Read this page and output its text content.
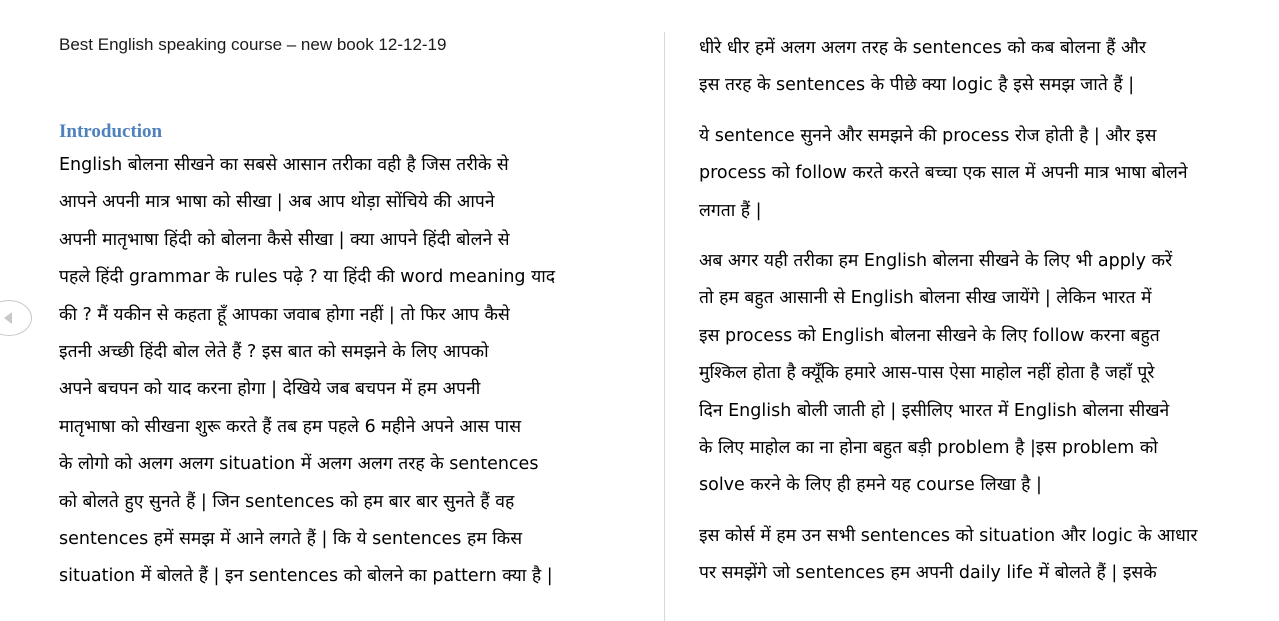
Best English speaking course – new book 12-12-19
Introduction
English बोलना सीखने का सबसे आसान तरीका वही है जिस तरीके से
आपने अपनी मात्र भाषा को सीखा | अब आप थोड़ा सोंचिये की आपने
अपनी मातृभाषा हिंदी को बोलना कैसे सीखा | क्या आपने हिंदी बोलने से
पहले हिंदी grammar के rules पढ़े ? या हिंदी की word meaning याद
की ? मैं यकीन से कहता हूँ आपका जवाब होगा नहीं | तो फिर आप कैसे
इतनी अच्छी हिंदी बोल लेते हैं ? इस बात को समझने के लिए आपको
अपने बचपन को याद करना होगा | देखिये जब बचपन में हम अपनी
मातृभाषा को सीखना शुरू करते हैं तब हम पहले 6 महीने अपने आस पास
के लोगो को अलग अलग situation में अलग अलग तरह के sentences
को बोलते हुए सुनते हैं | जिन sentences को हम बार बार सुनते हैं वह
sentences हमें समझ में आने लगते हैं | कि ये sentences हम किस
situation में बोलते हैं | इन sentences को बोलने का pattern क्या है |
धीरे धीर हमें अलग अलग तरह के sentences को कब बोलना हैं और
इस तरह के sentences के पीछे क्या logic है इसे समझ जाते हैं |
ये sentence सुनने और समझने की process रोज होती है | और इस
process को follow करते करते बच्चा एक साल में अपनी मात्र भाषा बोलने
लगता हैं |
अब अगर यही तरीका हम English बोलना सीखने के लिए भी apply करें
तो हम बहुत आसानी से English बोलना सीख जायेंगे | लेकिन भारत में
इस process को English बोलना सीखने के लिए follow करना बहुत
मुश्किल होता है क्यूँकि हमारे आस-पास ऐसा माहोल नहीं होता है जहाँ पूरे
दिन English बोली जाती हो | इसीलिए भारत में English बोलना सीखने
के लिए माहोल का ना होना बहुत बड़ी problem है |इस problem को
solve करने के लिए ही हमने यह course लिखा है |
इस कोर्स में हम उन सभी sentences को situation और logic के आधार
पर समझेंगे जो sentences हम अपनी daily life में बोलते हैं | इसके
